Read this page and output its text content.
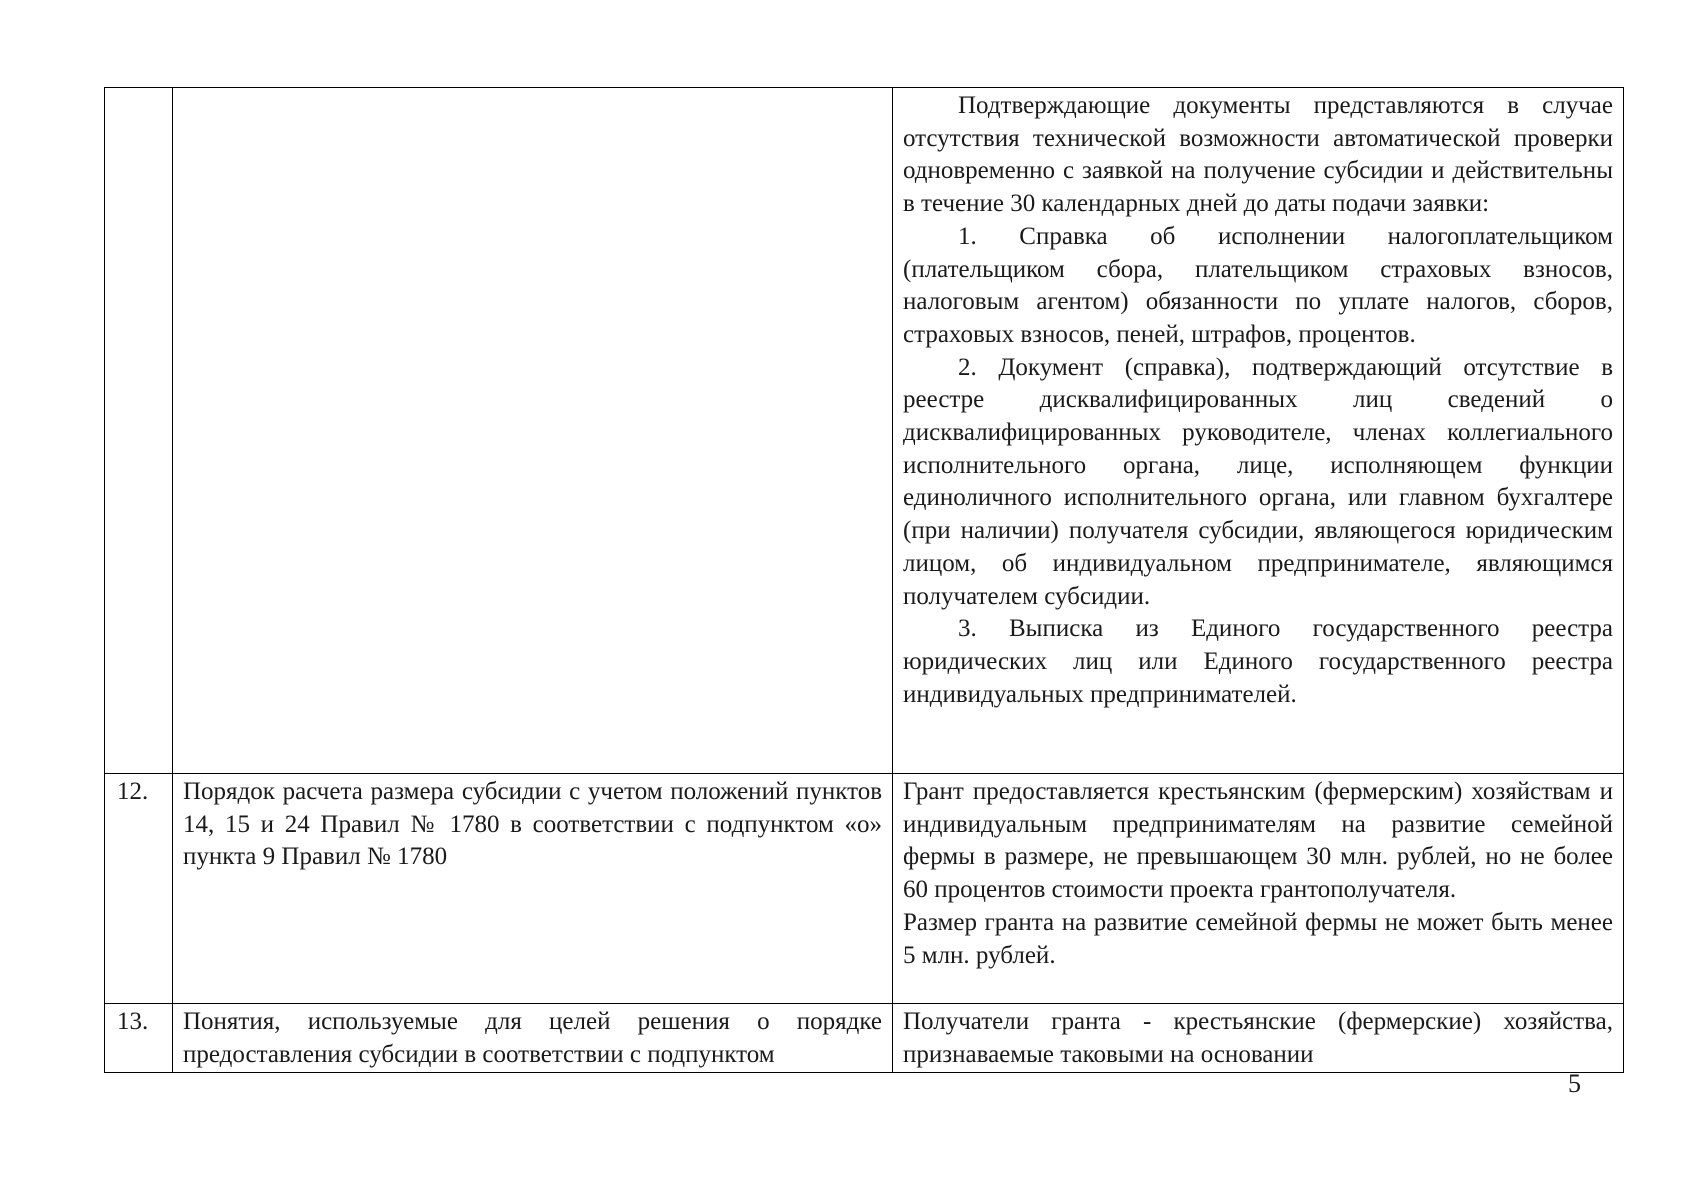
		Подтверждающие документы представляются в случае отсутствия технической возможности автоматической проверки одновременно с заявкой на получение субсидии и действительны в течение 30 календарных дней до даты подачи заявки:

1. Справка об исполнении налогоплательщиком (плательщиком сбора, плательщиком страховых взносов, налоговым агентом) обязанности по уплате налогов, сборов, страховых взносов, пеней, штрафов, процентов.

2. Документ (справка), подтверждающий отсутствие в реестре дисквалифицированных лиц сведений о дисквалифицированных руководителе, членах коллегиального исполнительного органа, лице, исполняющем функции единоличного исполнительного органа, или главном бухгалтере (при наличии) получателя субсидии, являющегося юридическим лицом, об индивидуальном предпринимателе, являющимся получателем субсидии.

3. Выписка из Единого государственного реестра юридических лиц или Единого государственного реестра индивидуальных предпринимателей.

12.	Порядок расчета размера субсидии с учетом положений пунктов 14, 15 и 24 Правил № 1780 в соответствии с подпунктом «о» пункта 9 Правил № 1780	Грант предоставляется крестьянским (фермерским) хозяйствам и индивидуальным предпринимателям на развитие семейной фермы в размере, не превышающем 30 млн. рублей, но не более 60 процентов стоимости проекта грантополучателя.

Размер гранта на развитие семейной фермы не может быть менее 5 млн. рублей.

13.	Понятия, используемые для целей решения о порядке предоставления субсидии в соответствии с подпунктом	Получатели гранта - крестьянские (фермерские) хозяйства, признаваемые таковыми на основании

5
